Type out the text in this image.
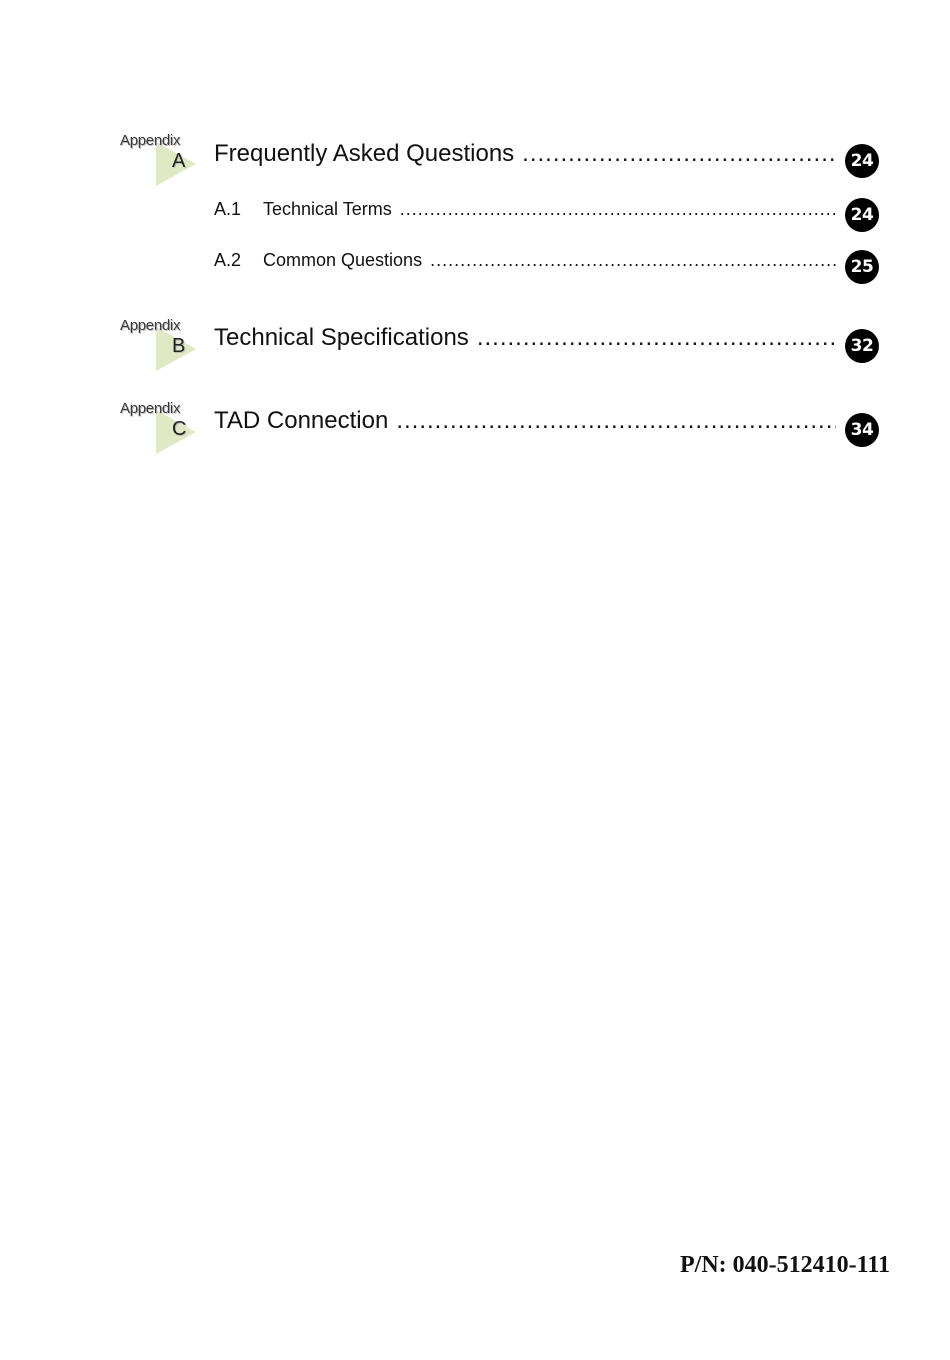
Appendix
A Frequently Asked Questions .....	24
A.1	Technical Terms .....	24
A.2	Common Questions .....	25
Appendix
B Technical Specifications .....	32
Appendix
C TAD Connection .....	34
P/N: 040-512410-111
